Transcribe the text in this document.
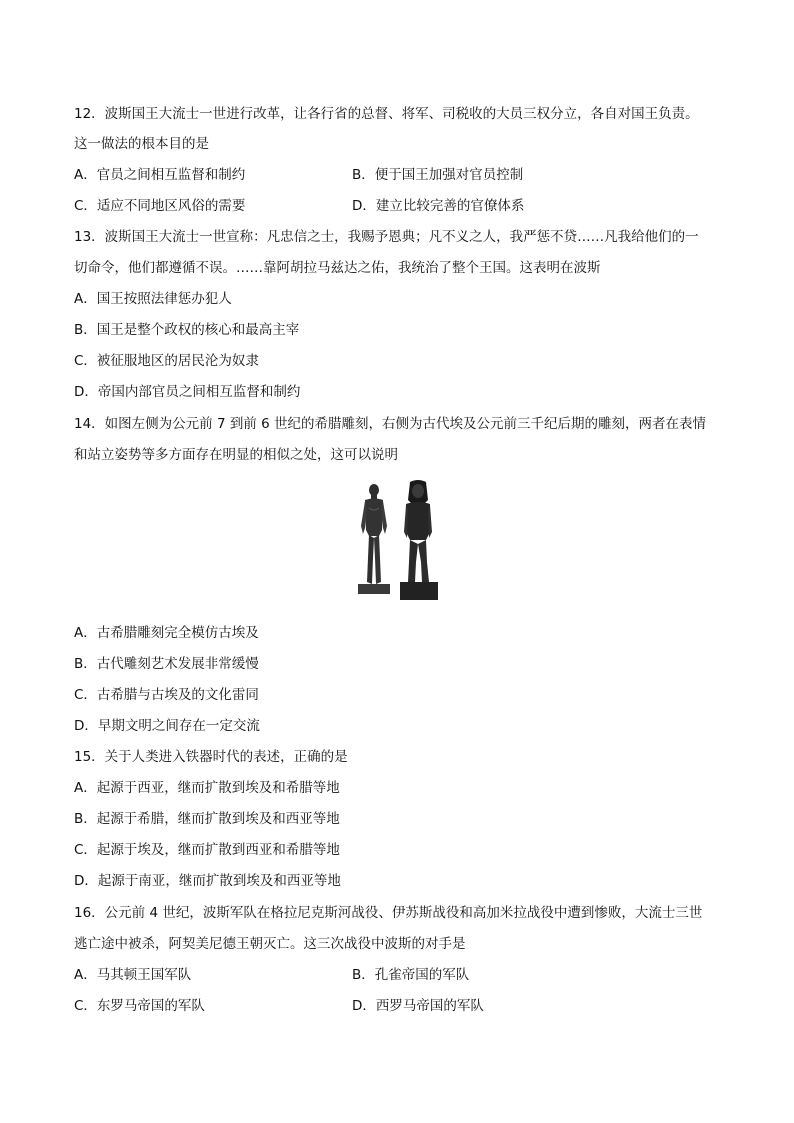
12．波斯国王大流士一世进行改革，让各行省的总督、将军、司税收的大员三权分立，各自对国王负责。
这一做法的根本目的是
A．官员之间相互监督和制约	B．便于国王加强对官员控制
C．适应不同地区风俗的需要	D．建立比较完善的官僚体系
13．波斯国王大流士一世宣称：凡忠信之士，我赐予恩典；凡不义之人，我严惩不贷……凡我给他们的一
切命令，他们都遵循不误。……靠阿胡拉马兹达之佑，我统治了整个王国。这表明在波斯
A．国王按照法律惩办犯人
B．国王是整个政权的核心和最高主宰
C．被征服地区的居民沦为奴隶
D．帝国内部官员之间相互监督和制约
14．如图左侧为公元前 7 到前 6 世纪的希腊雕刻，右侧为古代埃及公元前三千纪后期的雕刻，两者在表情
和站立姿势等多方面存在明显的相似之处，这可以说明
A．古希腊雕刻完全模仿古埃及
B．古代雕刻艺术发展非常缓慢
C．古希腊与古埃及的文化雷同
D．早期文明之间存在一定交流
15．关于人类进入铁器时代的表述，正确的是
A．起源于西亚，继而扩散到埃及和希腊等地
B．起源于希腊，继而扩散到埃及和西亚等地
C．起源于埃及，继而扩散到西亚和希腊等地
D．起源于南亚，继而扩散到埃及和西亚等地
16．公元前 4 世纪，波斯军队在格拉尼克斯河战役、伊苏斯战役和高加米拉战役中遭到惨败，大流士三世
逃亡途中被杀，阿契美尼德王朝灭亡。这三次战役中波斯的对手是
A．马其顿王国军队	B．孔雀帝国的军队
C．东罗马帝国的军队	D．西罗马帝国的军队
